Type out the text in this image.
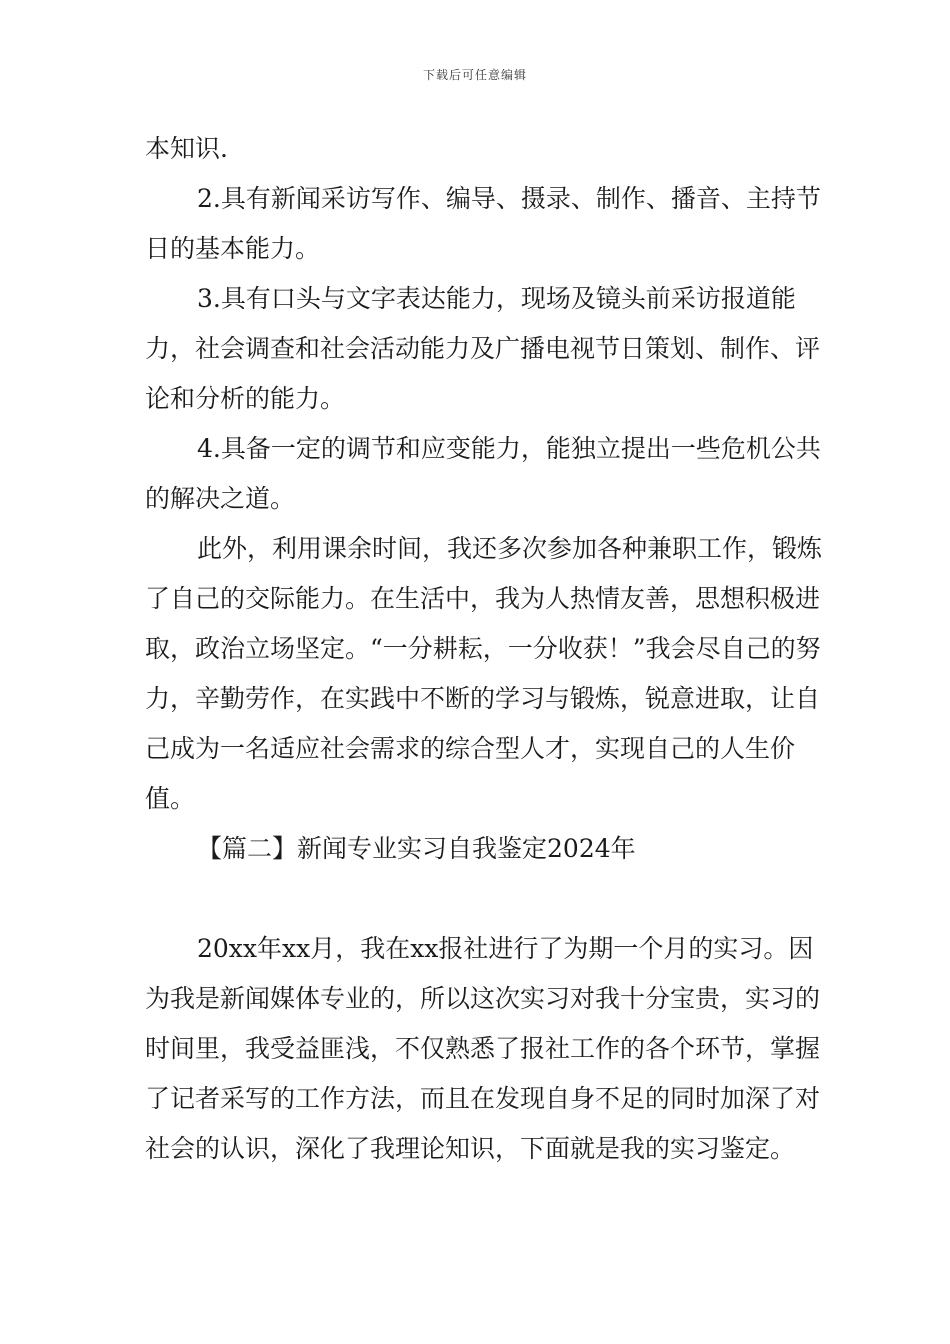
下载后可任意编辑

本知识.

2.具有新闻采访写作、编导、摄录、制作、播音、主持节日的基本能力。

3.具有口头与文字表达能力，现场及镜头前采访报道能力，社会调查和社会活动能力及广播电视节日策划、制作、评论和分析的能力。

4.具备一定的调节和应变能力，能独立提出一些危机公共的解决之道。

此外，利用课余时间，我还多次参加各种兼职工作，锻炼了自己的交际能力。在生活中，我为人热情友善，思想积极进取，政治立场坚定。“一分耕耘，一分收获！”我会尽自己的努力，辛勤劳作，在实践中不断的学习与锻炼，锐意进取，让自己成为一名适应社会需求的综合型人才，实现自己的人生价值。

【篇二】新闻专业实习自我鉴定2024年

20xx年xx月，我在xx报社进行了为期一个月的实习。因为我是新闻媒体专业的，所以这次实习对我十分宝贵，实习的时间里，我受益匪浅，不仅熟悉了报社工作的各个环节，掌握了记者采写的工作方法，而且在发现自身不足的同时加深了对社会的认识，深化了我理论知识，下面就是我的实习鉴定。
